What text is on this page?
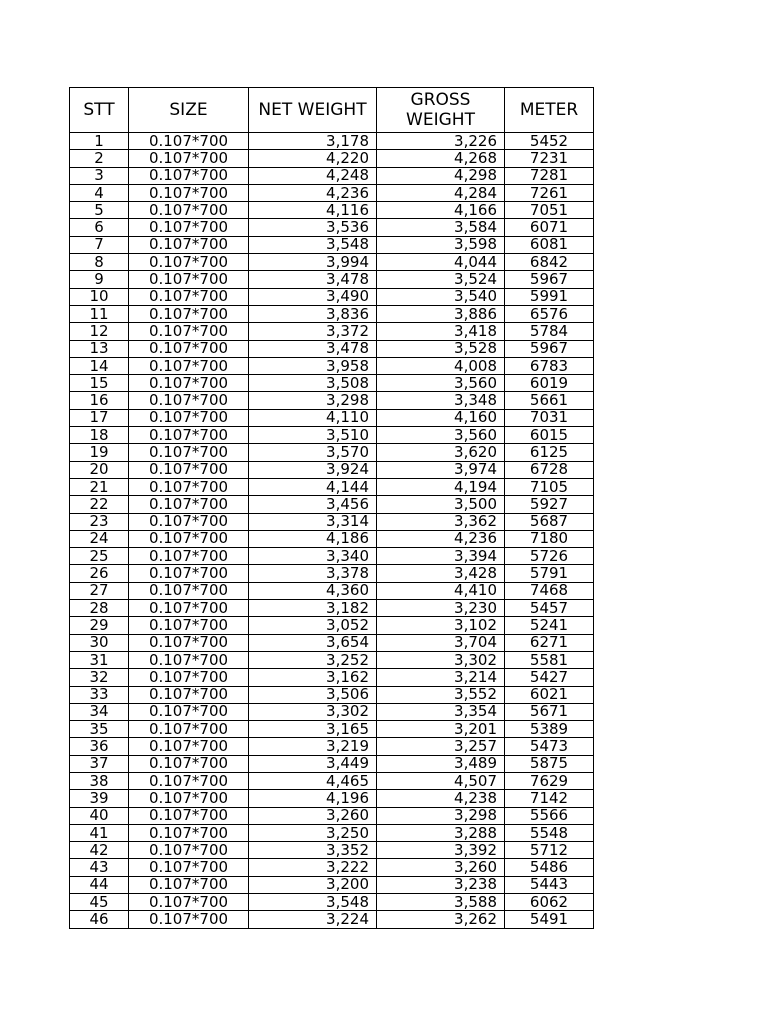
STT	SIZE	NET WEIGHT	GROSS WEIGHT	METER
1	0.107*700	3,178	3,226	5452
2	0.107*700	4,220	4,268	7231
3	0.107*700	4,248	4,298	7281
4	0.107*700	4,236	4,284	7261
5	0.107*700	4,116	4,166	7051
6	0.107*700	3,536	3,584	6071
7	0.107*700	3,548	3,598	6081
8	0.107*700	3,994	4,044	6842
9	0.107*700	3,478	3,524	5967
10	0.107*700	3,490	3,540	5991
11	0.107*700	3,836	3,886	6576
12	0.107*700	3,372	3,418	5784
13	0.107*700	3,478	3,528	5967
14	0.107*700	3,958	4,008	6783
15	0.107*700	3,508	3,560	6019
16	0.107*700	3,298	3,348	5661
17	0.107*700	4,110	4,160	7031
18	0.107*700	3,510	3,560	6015
19	0.107*700	3,570	3,620	6125
20	0.107*700	3,924	3,974	6728
21	0.107*700	4,144	4,194	7105
22	0.107*700	3,456	3,500	5927
23	0.107*700	3,314	3,362	5687
24	0.107*700	4,186	4,236	7180
25	0.107*700	3,340	3,394	5726
26	0.107*700	3,378	3,428	5791
27	0.107*700	4,360	4,410	7468
28	0.107*700	3,182	3,230	5457
29	0.107*700	3,052	3,102	5241
30	0.107*700	3,654	3,704	6271
31	0.107*700	3,252	3,302	5581
32	0.107*700	3,162	3,214	5427
33	0.107*700	3,506	3,552	6021
34	0.107*700	3,302	3,354	5671
35	0.107*700	3,165	3,201	5389
36	0.107*700	3,219	3,257	5473
37	0.107*700	3,449	3,489	5875
38	0.107*700	4,465	4,507	7629
39	0.107*700	4,196	4,238	7142
40	0.107*700	3,260	3,298	5566
41	0.107*700	3,250	3,288	5548
42	0.107*700	3,352	3,392	5712
43	0.107*700	3,222	3,260	5486
44	0.107*700	3,200	3,238	5443
45	0.107*700	3,548	3,588	6062
46	0.107*700	3,224	3,262	5491
